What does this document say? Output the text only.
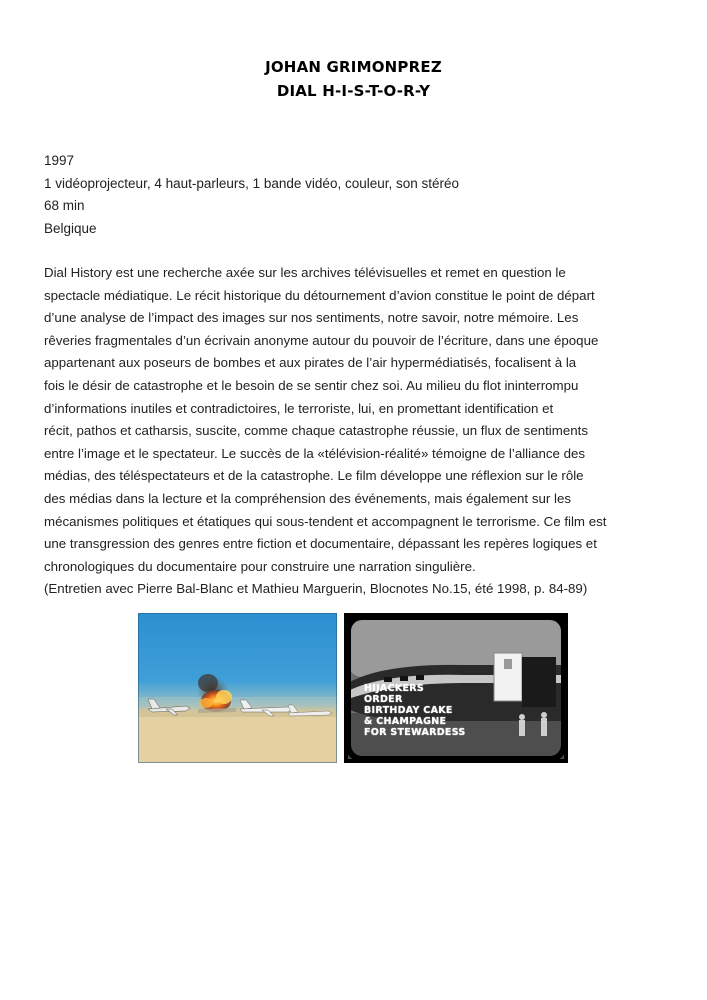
JOHAN GRIMONPREZ
DIAL H-I-S-T-O-R-Y
1997
1 vidéoprojecteur, 4 haut-parleurs, 1 bande vidéo, couleur, son stéréo
68 min
Belgique
Dial History est une recherche axée sur les archives télévisuelles et remet en question le
spectacle médiatique. Le récit historique du détournement d’avion constitue le point de départ
d’une analyse de l’impact des images sur nos sentiments, notre savoir, notre mémoire. Les
rêveries fragmentales d’un écrivain anonyme autour du pouvoir de l’écriture, dans une époque
appartenant aux poseurs de bombes et aux pirates de l’air hypermédiatisés, focalisent à la
fois le désir de catastrophe et le besoin de se sentir chez soi. Au milieu du flot ininterrompu
d’informations inutiles et contradictoires, le terroriste, lui, en promettant identification et
récit, pathos et catharsis, suscite, comme chaque catastrophe réussie, un flux de sentiments
entre l’image et le spectateur. Le succès de la «télévision-réalité» témoigne de l’alliance des
médias, des téléspectateurs et de la catastrophe. Le film développe une réflexion sur le rôle
des médias dans la lecture et la compréhension des événements, mais également sur les
mécanismes politiques et étatiques qui sous-tendent et accompagnent le terrorisme. Ce film est
une transgression des genres entre fiction et documentaire, dépassant les repères logiques et
chronologiques du documentaire pour construire une narration singulière.
(Entretien avec Pierre Bal-Blanc et Mathieu Marguerin, Blocnotes No.15, été 1998, p. 84-89)
HIJACKERS
ORDER
BIRTHDAY CAKE
& CHAMPAGNE
FOR STEWARDESS
